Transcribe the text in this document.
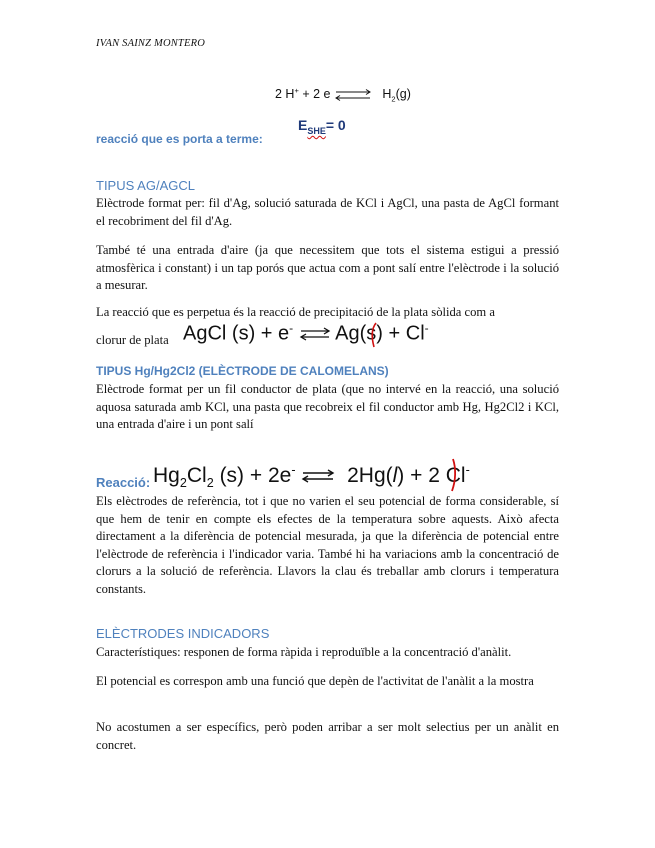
IVAN SAINZ MONTERO
2 H+ + 2 e ⇌ $H_2(g)$
$E_{SHE}= 0$
reacció que es porta a terme:
TIPUS AG/AGCL
Elèctrode format per: fil d'Ag, solució saturada de KCl i AgCl, una pasta de AgCl formant el recobriment del fil d'Ag.
També té una entrada d'aire (ja que necessitem que tots el sistema estigui a pressió atmosfèrica i constant) i un tap porós que actua com a pont salí entre l'elèctrode i la solució a mesurar.
La reacció que es perpetua és la reacció de precipitació de la plata sòlida com a
clorur de plata AgCl (s) + e- ⇌Ag(s) + Cl-
TIPUS Hg/Hg2Cl2 (ELÈCTRODE DE CALOMELANS)
Elèctrode format per un fil conductor de plata (que no intervé en la reacció, una solució aquosa saturada amb KCl, una pasta que recobreix el fil conductor amb Hg, Hg2Cl2 i KCl, una entrada d'aire i un pont salí
Reacció: $Hg_2Cl_2$ (s) + 2e- ⇌ 2Hg(l) + 2 Cl-
Els elèctrodes de referència, tot i que no varien el seu potencial de forma considerable, sí que hem de tenir en compte els efectes de la temperatura sobre aquests. Això afecta directament a la diferència de potencial mesurada, ja que la diferència de potencial entre l'elèctrode de referència i l'indicador varia. També hi ha variacions amb la concentració de clorurs a la solució de referència. Llavors la clau és treballar amb clorurs i temperatura constants.
ELÈCTRODES INDICADORS
Característiques: responen de forma ràpida i reproduïble a la concentració d'anàlit.
El potencial es correspon amb una funció que depèn de l'activitat de l'anàlit a la mostra
No acostumen a ser específics, però poden arribar a ser molt selectius per un anàlit en concret.
